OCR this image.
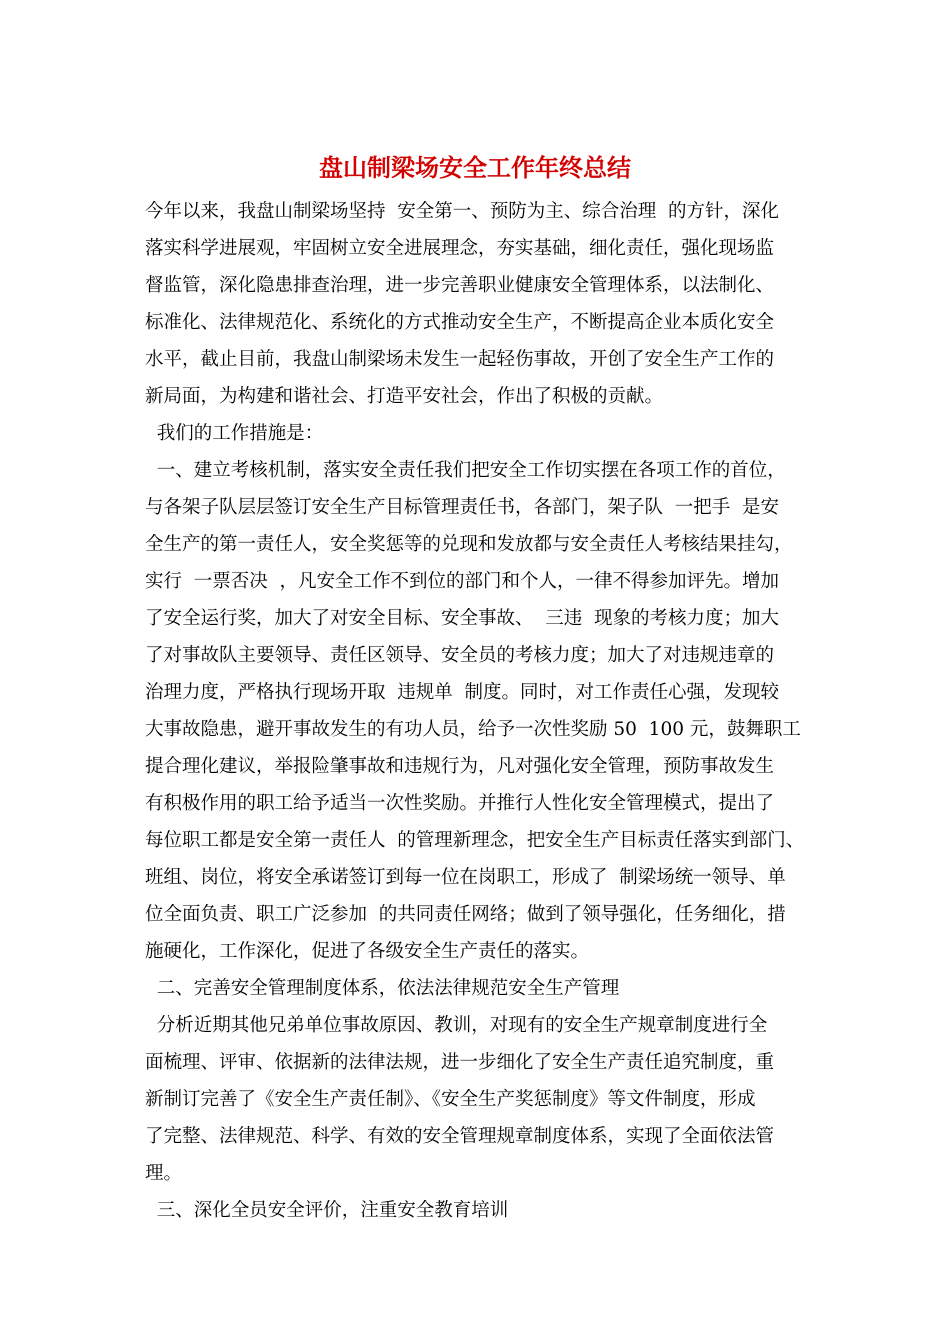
盘山制梁场安全工作年终总结
今年以来，我盘山制梁场坚持  安全第一、预防为主、综合治理  的方针，深化
落实科学进展观，牢固树立安全进展理念，夯实基础，细化责任，强化现场监
督监管，深化隐患排查治理，进一步完善职业健康安全管理体系，以法制化、
标准化、法律规范化、系统化的方式推动安全生产，不断提高企业本质化安全
水平，截止目前，我盘山制梁场未发生一起轻伤事故，开创了安全生产工作的
新局面，为构建和谐社会、打造平安社会，作出了积极的贡献。
我们的工作措施是：
一、建立考核机制，落实安全责任我们把安全工作切实摆在各项工作的首位，
与各架子队层层签订安全生产目标管理责任书，各部门，架子队  一把手  是安
全生产的第一责任人，安全奖惩等的兑现和发放都与安全责任人考核结果挂勾，
实行  一票否决  ，凡安全工作不到位的部门和个人，一律不得参加评先。增加
了安全运行奖，加大了对安全目标、安全事故、  三违  现象的考核力度；加大
了对事故队主要领导、责任区领导、安全员的考核力度；加大了对违规违章的
治理力度，严格执行现场开取  违规单  制度。同时，对工作责任心强，发现较
大事故隐患，避开事故发生的有功人员，给予一次性奖励 50  100 元，鼓舞职工
提合理化建议，举报险肇事故和违规行为，凡对强化安全管理，预防事故发生
有积极作用的职工给予适当一次性奖励。并推行人性化安全管理模式，提出了
每位职工都是安全第一责任人  的管理新理念，把安全生产目标责任落实到部门、
班组、岗位，将安全承诺签订到每一位在岗职工，形成了  制梁场统一领导、单
位全面负责、职工广泛参加  的共同责任网络；做到了领导强化，任务细化，措
施硬化，工作深化，促进了各级安全生产责任的落实。
二、完善安全管理制度体系，依法法律规范安全生产管理
分析近期其他兄弟单位事故原因、教训，对现有的安全生产规章制度进行全
面梳理、评审、依据新的法律法规，进一步细化了安全生产责任追究制度，重
新制订完善了《安全生产责任制》、《安全生产奖惩制度》等文件制度，形成
了完整、法律规范、科学、有效的安全管理规章制度体系，实现了全面依法管
理。
三、深化全员安全评价，注重安全教育培训
